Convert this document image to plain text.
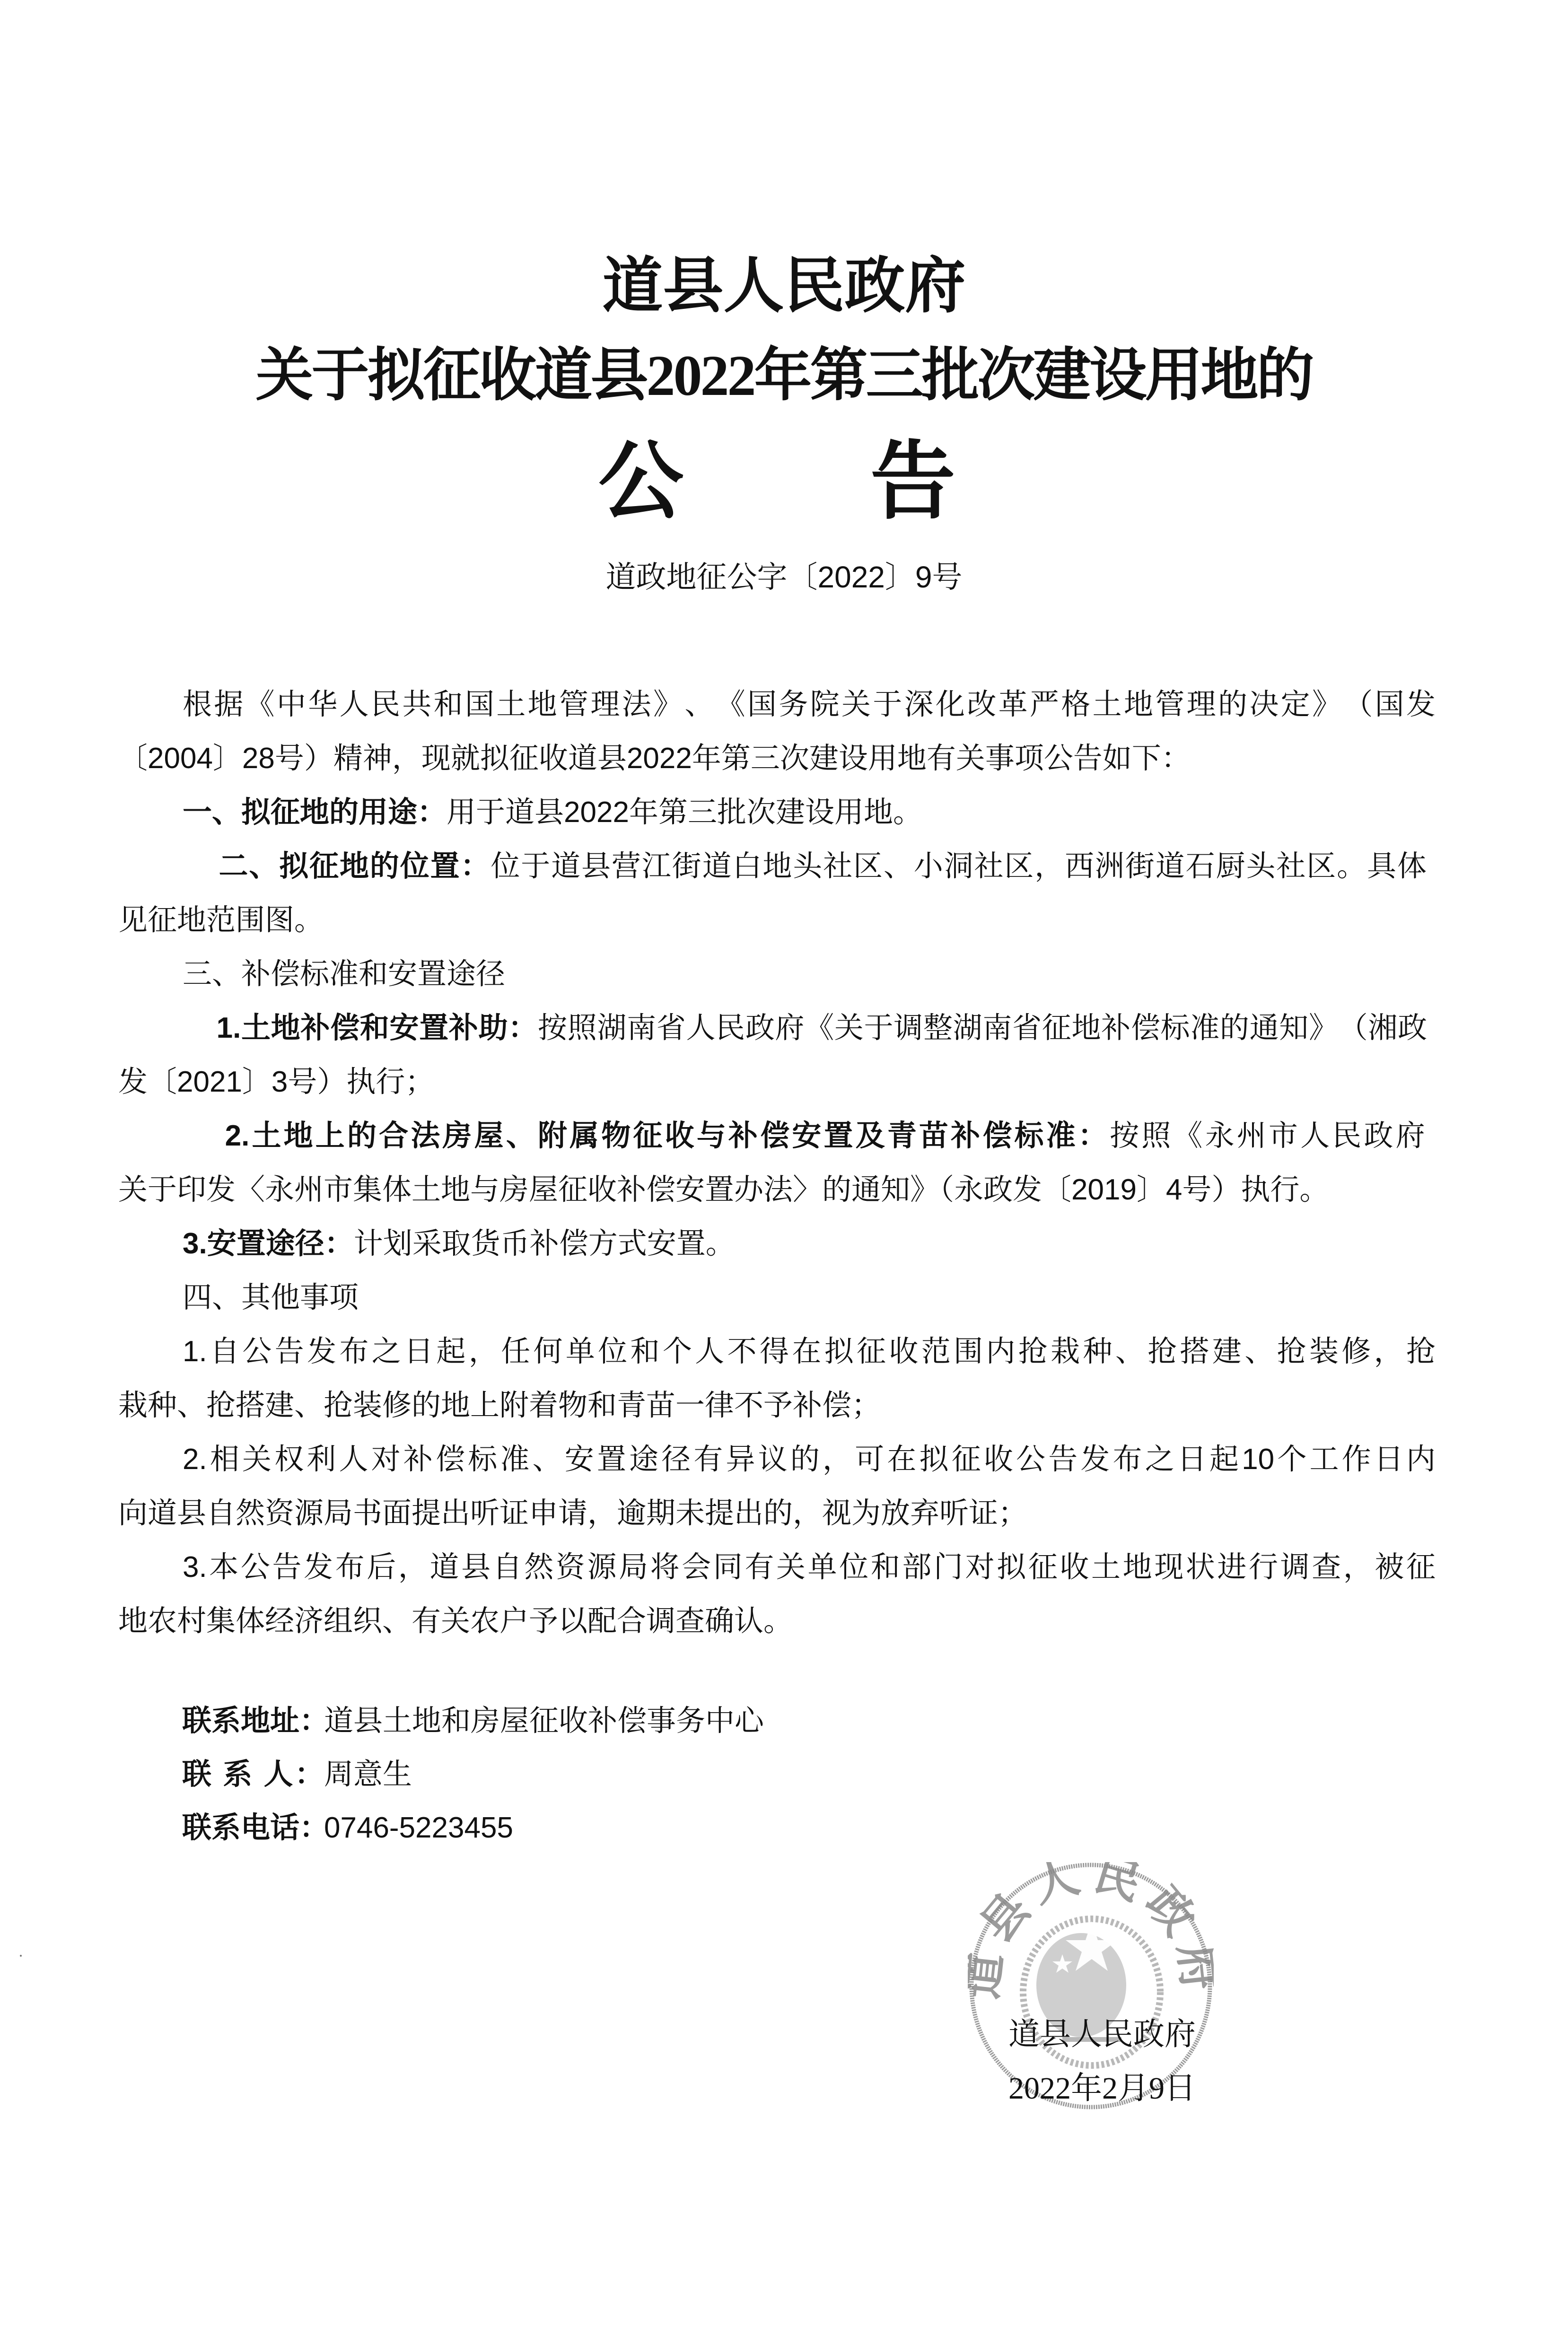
道县人民政府
关于拟征收道县2022年第三批次建设用地的
公 告
道政地征公字〔2022〕9号
根​据​《​中​华​人​民​共​和​国​土​地​管​理​法​》​、​《​国​务​院​关​于​深​化​改​革​严​格​土​地​管​理​的​决​定​》​（​国​发
〔2004〕28号）精神，现就拟征收道县2022年第三次建设用地有关事项公告如下：
一、拟征地的用途：用于道县2022年第三批次建设用地。
​ ​ ​ ​ 二​、​拟​征​地​的​位​置​：位​于​道​县​营​江​街​道​白​地​头​社​区​、​小​洞​社​区​，​西​洲​街​道​石​厨​头​社​区​。​具​体​ ​
见征地范围图。
三、补偿标准和安置途径
​ ​ ​ ​ 1​.​土​地​补​偿​和​安​置​补​助​：按​照​湖​南​省​人​民​政​府​《​关​于​调​整​湖​南​省​征​地​补​偿​标​准​的​通​知​》​（​湘​政​ ​
发〔2021〕3号）执行；
​ ​ ​ ​ 2​.​土​地​上​的​合​法​房​屋​、​附​属​物​征​收​与​补​偿​安​置​及​青​苗​补​偿​标​准​：按​照​《​永​州​市​人​民​政​府​ ​
关于印发〈永州市集体土地与房屋征收补偿安置办法〉的通知》（永政发〔2019〕4号）执行。
3.安置途径：计划采取货币补偿方式安置。
四、其他事项
1​.​自​公​告​发​布​之​日​起​，​任​何​单​位​和​个​人​不​得​在​拟​征​收​范​围​内​抢​栽​种​、​抢​搭​建​、​抢​装​修​，​抢
栽种、抢搭建、抢装修的地上附着物和青苗一律不予补偿；
2​.​相​关​权​利​人​对​补​偿​标​准​、​安​置​途​径​有​异​议​的​，​可​在​拟​征​收​公​告​发​布​之​日​起​1​0​个​工​作​日​内
向道县自然资源局书面提出听证申请，逾期未提出的，视为放弃听证；
3​.​本​公​告​发​布​后​，​道​县​自​然​资​源​局​将​会​同​有​关​单​位​和​部​门​对​拟​征​收​土​地​现​状​进​行​调​查​，​被​征
地农村集体经济组织、有关农户予以配合调查确认。
联系地址：道县土地和房屋征收补偿事务中心
联 系 人：周意生
联系电话：0746-5223455
县人民政
道县人民政府
2022年2月9日
